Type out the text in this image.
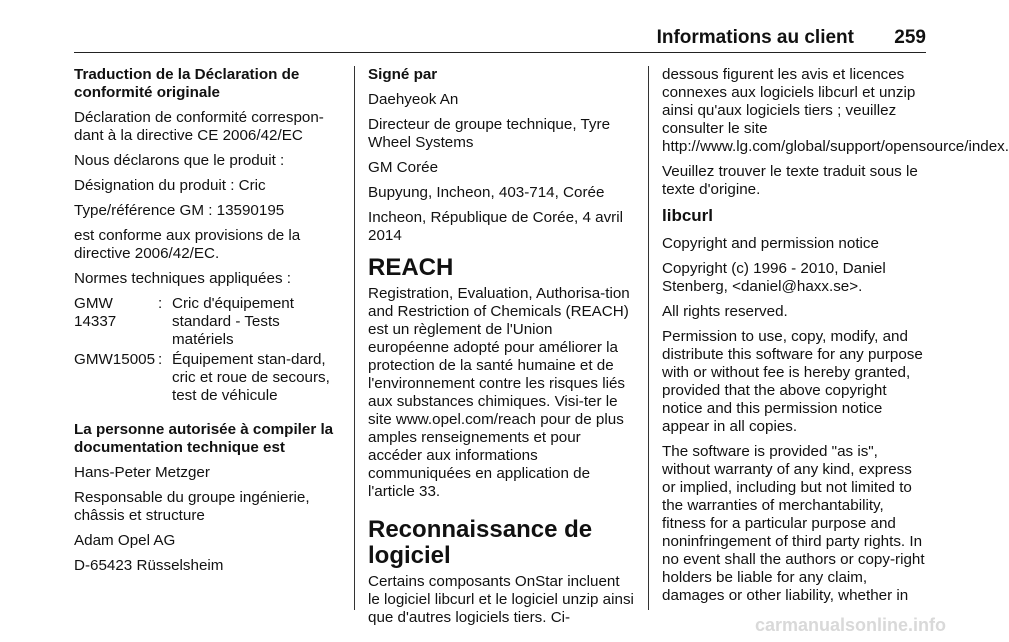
Informations au client 259

Traduction de la Déclaration de conformité originale

Déclaration de conformité correspon-dant à la directive CE 2006/42/EC

Nous déclarons que le produit :

Désignation du produit : Cric

Type/référence GM : 13590195

est conforme aux provisions de la directive 2006/42/EC.

Normes techniques appliquées :

GMW 14337
: Cric d'équipement standard - Tests matériels
GMW15005 : Équipement stan-dard, cric et roue de secours, test de véhicule

La personne autorisée à compiler la documentation technique est

Hans-Peter Metzger

Responsable du groupe ingénierie, châssis et structure

Adam Opel AG

D-65423 Rüsselsheim

Signé par

Daehyeok An

Directeur de groupe technique, Tyre Wheel Systems

GM Corée

Bupyung, Incheon, 403-714, Corée

Incheon, République de Corée, 4 avril 2014

REACH

Registration, Evaluation, Authorisa-tion and Restriction of Chemicals (REACH) est un règlement de l'Union européenne adopté pour améliorer la protection de la santé humaine et de l'environnement contre les risques liés aux substances chimiques. Visi-ter le site www.opel.com/reach pour de plus amples renseignements et pour accéder aux informations communiquées en application de l'article 33.

Reconnaissance de logiciel

Certains composants OnStar incluent le logiciel libcurl et le logiciel unzip ainsi que d'autres logiciels tiers. Ci-

dessous figurent les avis et licences connexes aux logiciels libcurl et unzip ainsi qu'aux logiciels tiers ; veuillez consulter le site http://www.lg.com/global/support/opensource/index.

Veuillez trouver le texte traduit sous le texte d'origine.

libcurl

Copyright and permission notice

Copyright (c) 1996 - 2010, Daniel Stenberg, <daniel@haxx.se>.

All rights reserved.

Permission to use, copy, modify, and distribute this software for any purpose with or without fee is hereby granted, provided that the above copyright notice and this permission notice appear in all copies.

The software is provided "as is", without warranty of any kind, express or implied, including but not limited to the warranties of merchantability, fitness for a particular purpose and noninfringement of third party rights. In no event shall the authors or copy-right holders be liable for any claim, damages or other liability, whether in

carmanualsonline.info
